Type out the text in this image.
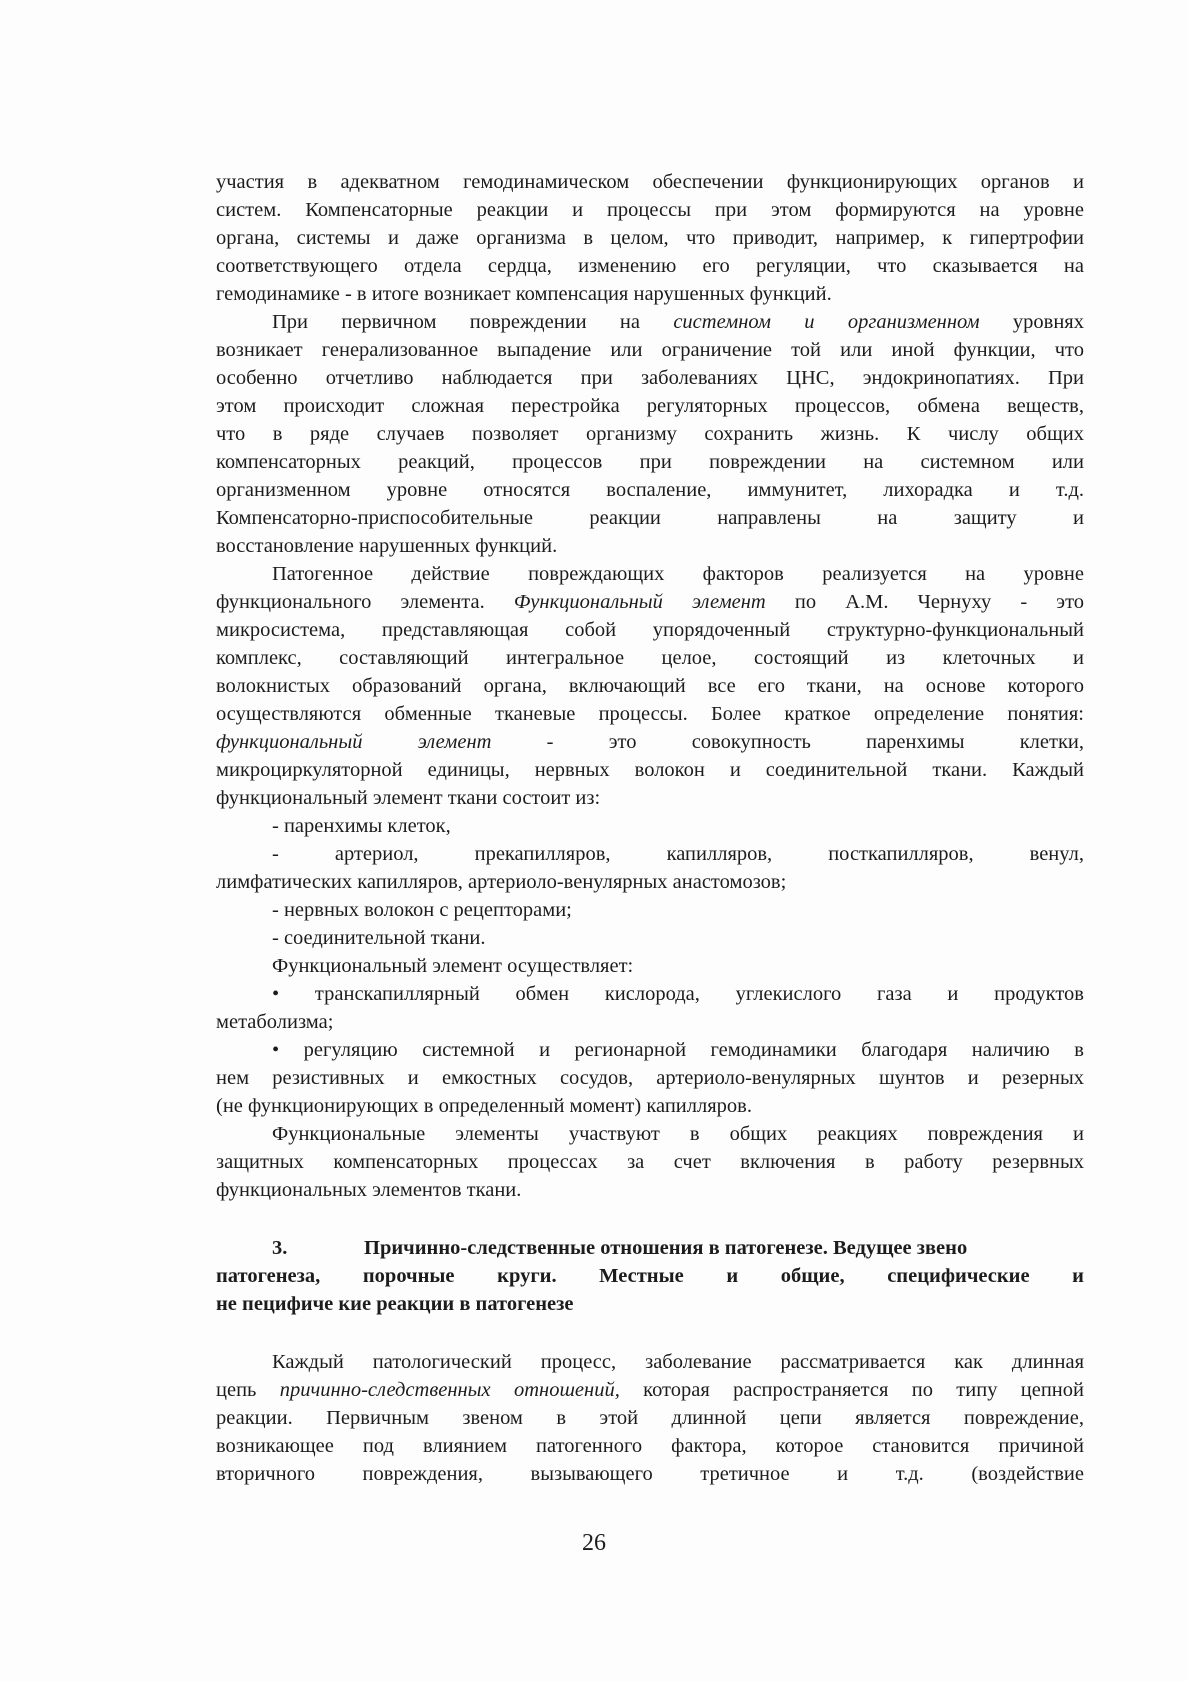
участия в адекватном гемодинамическом обеспечении функционирующих органов и
систем. Компенсаторные реакции и процессы при этом формируются на уровне
органа, системы и даже организма в целом, что приводит, например, к гипертрофии
соответствующего отдела сердца, изменению его регуляции, что сказывается на
гемодинамике - в итоге возникает компенсация нарушенных функций.
При первичном повреждении на системном и организменном уровнях
возникает генерализованное выпадение или ограничение той или иной функции, что
особенно отчетливо наблюдается при заболеваниях ЦНС, эндокринопатиях. При
этом происходит сложная перестройка регуляторных процессов, обмена веществ,
что в ряде случаев позволяет организму сохранить жизнь. К числу общих
компенсаторных реакций, процессов при повреждении на системном или
организменном уровне относятся воспаление, иммунитет, лихорадка и т.д.
Компенсаторно-приспособительные реакции направлены на защиту и
восстановление нарушенных функций.
Патогенное действие повреждающих факторов реализуется на уровне
функционального элемента. Функциональный элемент по А.М. Чернуху - это
микросистема, представляющая собой упорядоченный структурно-функциональный
комплекс, составляющий интегральное целое, состоящий из клеточных и
волокнистых образований органа, включающий все его ткани, на основе которого
осуществляются обменные тканевые процессы. Более краткое определение понятия:
функциональный элемент - это совокупность паренхимы клетки,
микроциркуляторной единицы, нервных волокон и соединительной ткани. Каждый
функциональный элемент ткани состоит из:
- паренхимы клеток,
- артериол, прекапилляров, капилляров, посткапилляров, венул,
лимфатических капилляров, артериоло-венулярных анастомозов;
- нервных волокон с рецепторами;
- соединительной ткани.
Функциональный элемент осуществляет:
• транскапиллярный обмен кислорода, углекислого газа и продуктов
метаболизма;
• регуляцию системной и регионарной гемодинамики благодаря наличию в
нем резистивных и емкостных сосудов, артериоло-венулярных шунтов и резерных
(не функционирующих в определенный момент) капилляров.
Функциональные элементы участвуют в общих реакциях повреждения и
защитных компенсаторных процессах за счет включения в работу резервных
функциональных элементов ткани.
3.	Причинно-следственные отношения в патогенезе. Ведущее звено
патогенеза, порочные круги. Местные и общие, специфические и
не пецифиче кие реакции в патогенезе
Каждый патологический процесс, заболевание рассматривается как длинная
цепь причинно-следственных отношений, которая распространяется по типу цепной
реакции. Первичным звеном в этой длинной цепи является повреждение,
возникающее под влиянием патогенного фактора, которое становится причиной
вторичного повреждения, вызывающего третичное и т.д. (воздействие
26
